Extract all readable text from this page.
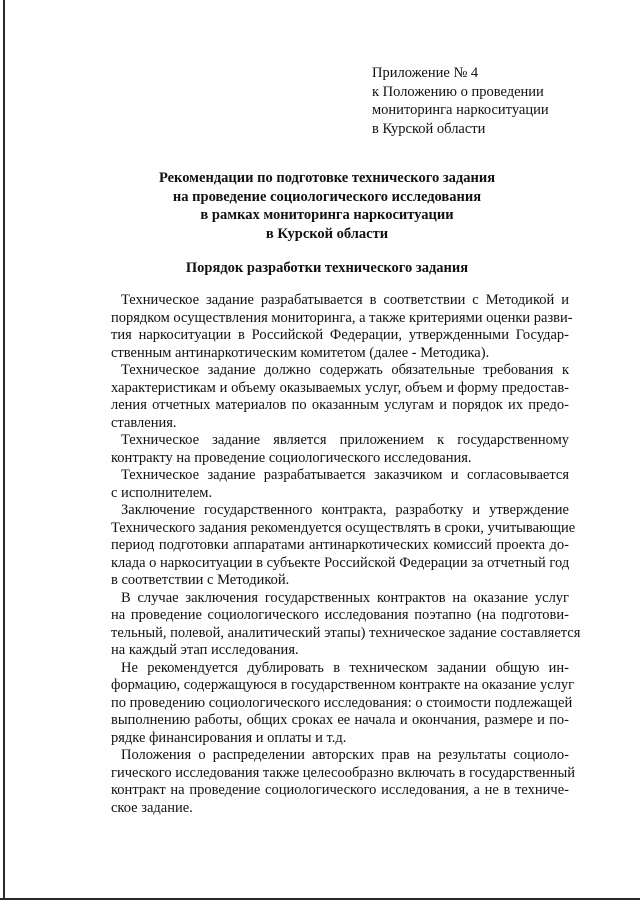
Приложение № 4
к Положению о проведении
мониторинга наркоситуации
в Курской области
Рекомендации по подготовке технического задания
на проведение социологического исследования
в рамках мониторинга наркоситуации
в Курской области
Порядок разработки технического задания
Техническое задание разрабатывается в соответствии с Методикой и
порядком осуществления мониторинга, а также критериями оценки разви-
тия наркоситуации в Российской Федерации, утвержденными Государ-
ственным антинаркотическим комитетом (далее - Методика).
Техническое задание должно содержать обязательные требования к
характеристикам и объему оказываемых услуг, объем и форму предостав-
ления отчетных материалов по оказанным услугам и порядок их предо-
ставления.
Техническое задание является приложением к государственному
контракту на проведение социологического исследования.
Техническое задание разрабатывается заказчиком и согласовывается
с исполнителем.
Заключение государственного контракта, разработку и утверждение
Технического задания рекомендуется осуществлять в сроки, учитывающие
период подготовки аппаратами антинаркотических комиссий проекта до-
клада о наркоситуации в субъекте Российской Федерации за отчетный год
в соответствии с Методикой.
В случае заключения государственных контрактов на оказание услуг
на проведение социологического исследования поэтапно (на подготови-
тельный, полевой, аналитический этапы) техническое задание составляется
на каждый этап исследования.
Не рекомендуется дублировать в техническом задании общую ин-
формацию, содержащуюся в государственном контракте на оказание услуг
по проведению социологического исследования: о стоимости подлежащей
выполнению работы, общих сроках ее начала и окончания, размере и по-
рядке финансирования и оплаты и т.д.
Положения о распределении авторских прав на результаты социоло-
гического исследования также целесообразно включать в государственный
контракт на проведение социологического исследования, а не в техниче-
ское задание.
